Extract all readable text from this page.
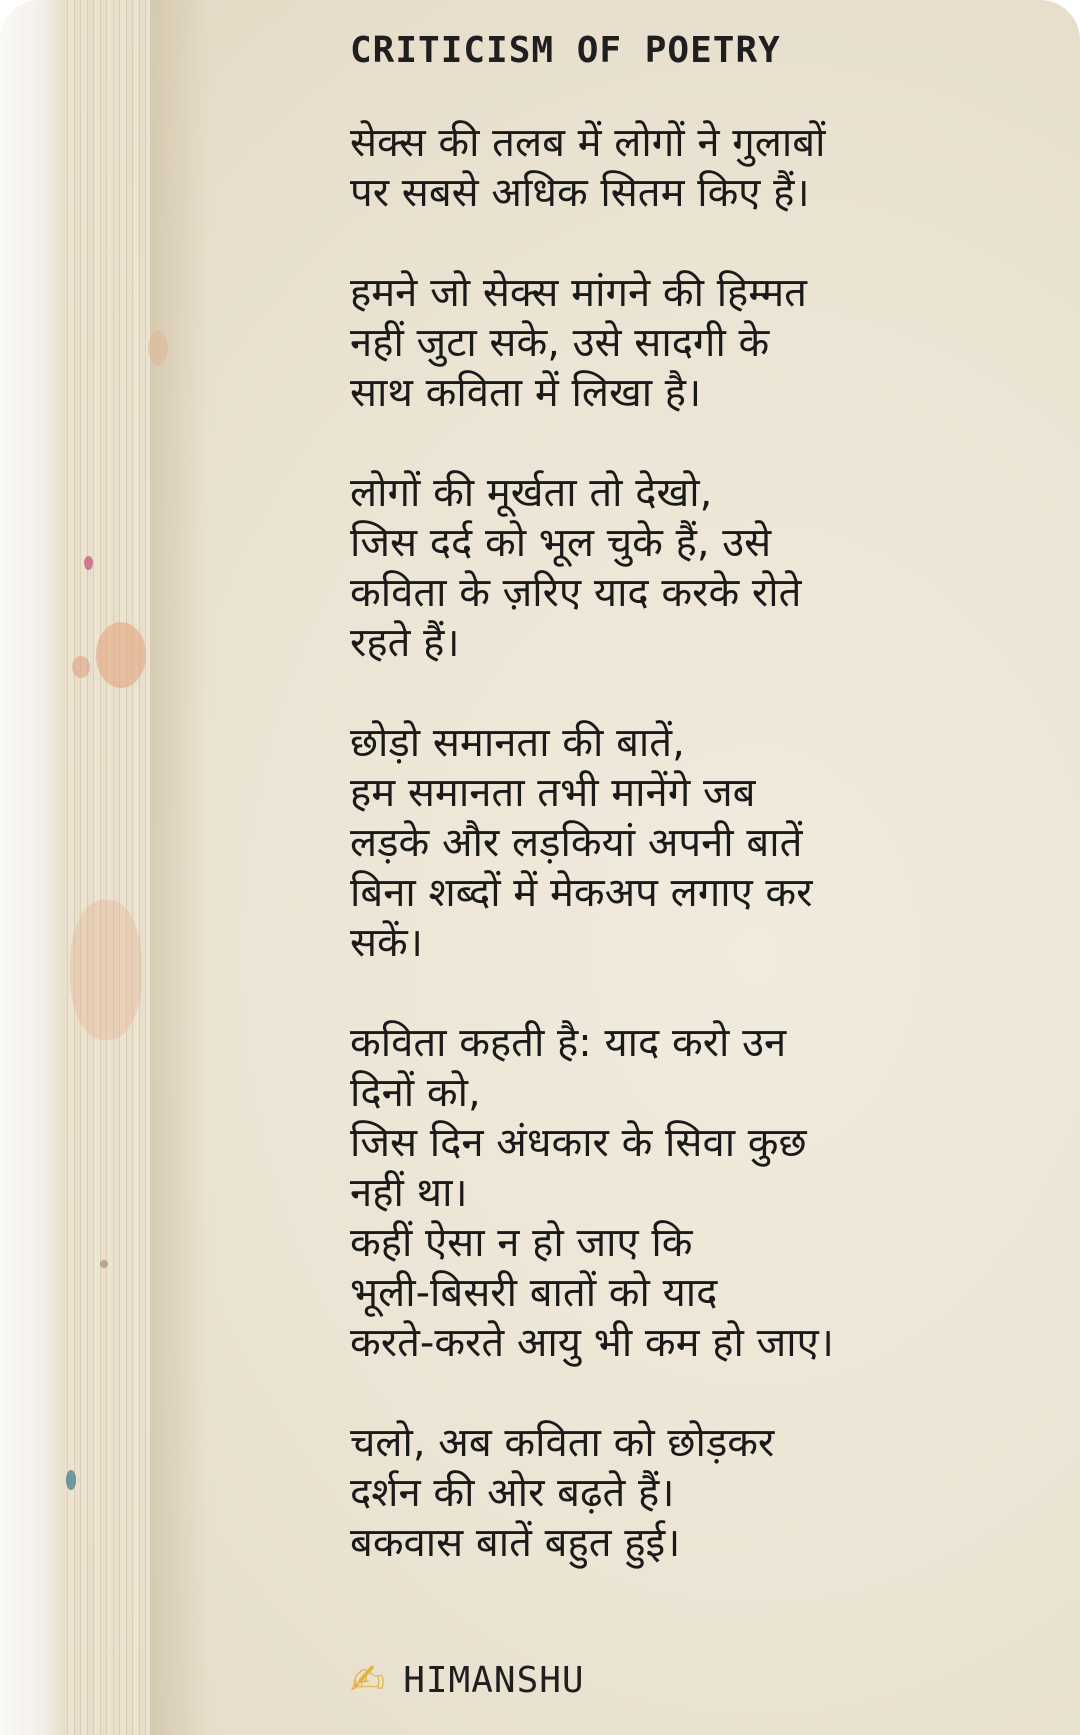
CRITICISM OF POETRY
सेक्स की तलब में लोगों ने गुलाबों
पर सबसे अधिक सितम किए हैं।
हमने जो सेक्स मांगने की हिम्मत
नहीं जुटा सके, उसे सादगी के
साथ कविता में लिखा है।
लोगों की मूर्खता तो देखो,
जिस दर्द को भूल चुके हैं, उसे
कविता के ज़रिए याद करके रोते
रहते हैं।
छोड़ो समानता की बातें,
हम समानता तभी मानेंगे जब
लड़के और लड़कियां अपनी बातें
बिना शब्दों में मेकअप लगाए कर
सकें।
कविता कहती है: याद करो उन
दिनों को,
जिस दिन अंधकार के सिवा कुछ
नहीं था।
कहीं ऐसा न हो जाए कि
भूली-बिसरी बातों को याद
करते-करते आयु भी कम हो जाए।
चलो, अब कविता को छोड़कर
दर्शन की ओर बढ़ते हैं।
बकवास बातें बहुत हुई।
✍ HIMANSHU
